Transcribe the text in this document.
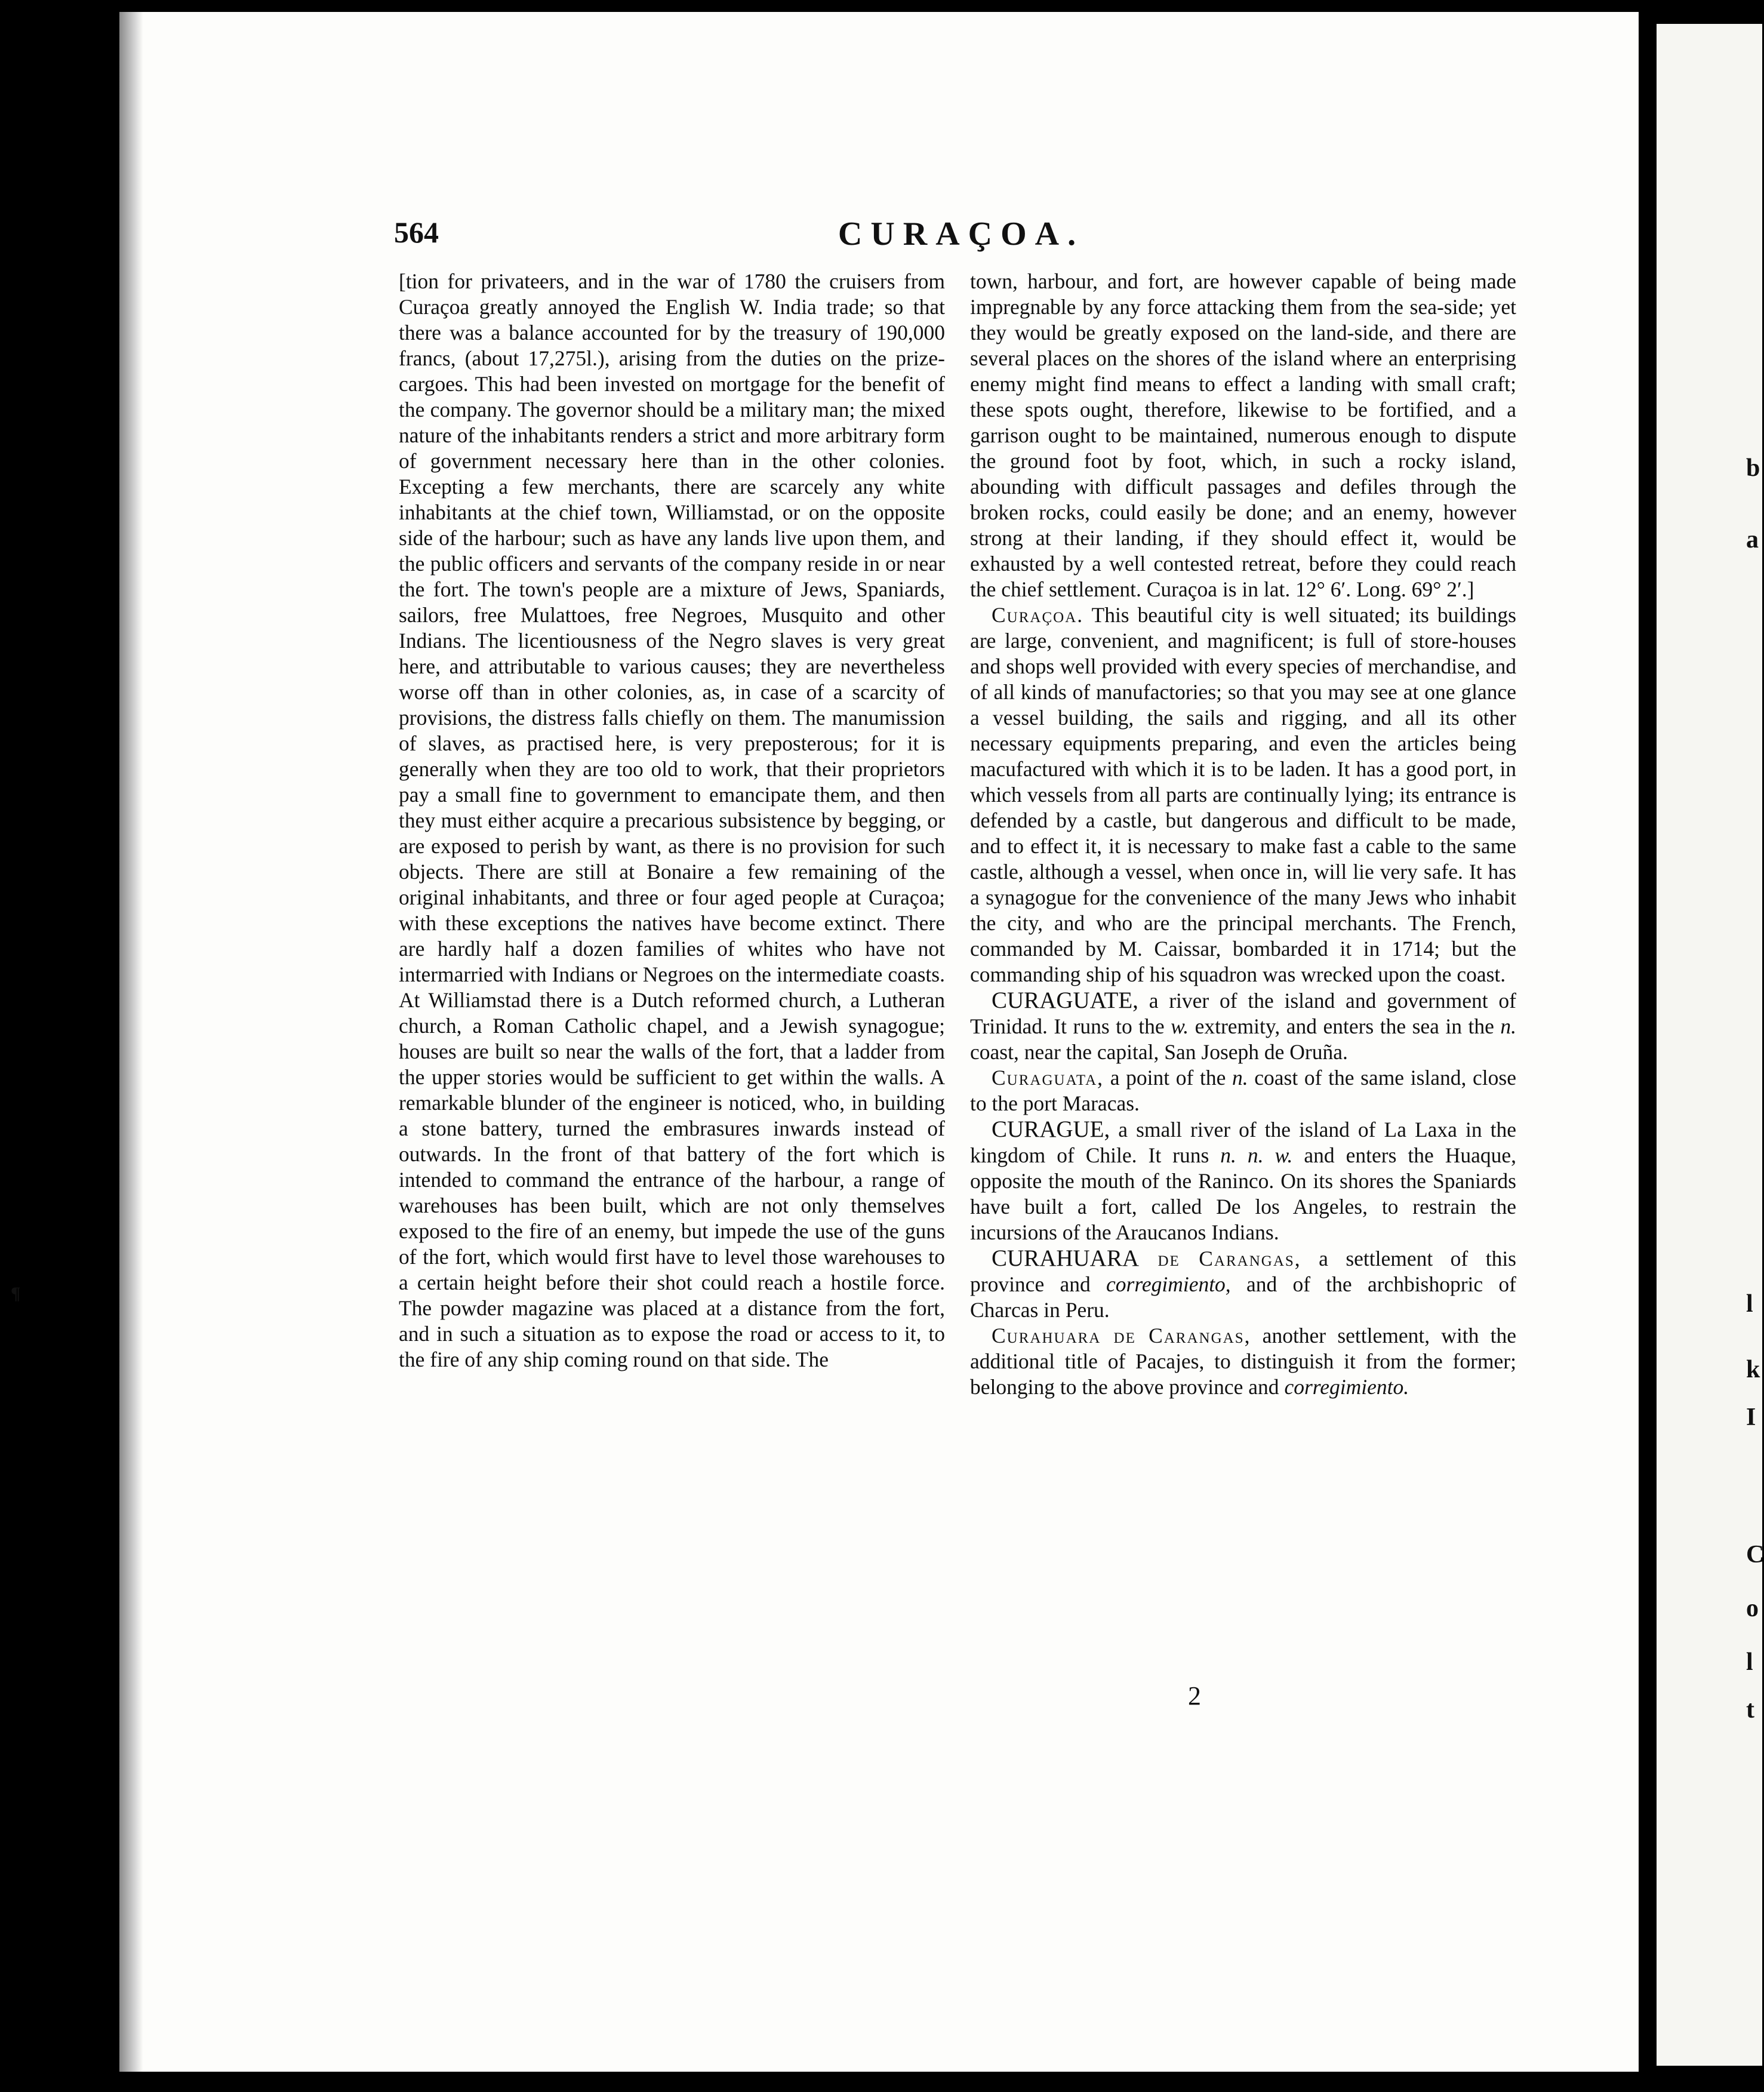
b
a
l
k
I
C
o
l
t
¶
564	CURAÇOA.

[tion for privateers, and in the war of 1780 the cruisers from Curaçoa greatly annoyed the English W. India trade; so that there was a balance accounted for by the treasury of 190,000 francs, (about 17,275l.), arising from the duties on the prize-cargoes. This had been invested on mortgage for the benefit of the company. The governor should be a military man; the mixed nature of the inhabitants renders a strict and more arbitrary form of government necessary here than in the other colonies. Excepting a few merchants, there are scarcely any white inhabitants at the chief town, Williamstad, or on the opposite side of the harbour; such as have any lands live upon them, and the public officers and servants of the company reside in or near the fort. The town's people are a mixture of Jews, Spaniards, sailors, free Mulattoes, free Negroes, Musquito and other Indians. The licentiousness of the Negro slaves is very great here, and attributable to various causes; they are nevertheless worse off than in other colonies, as, in case of a scarcity of provisions, the distress falls chiefly on them. The manumission of slaves, as practised here, is very preposterous; for it is generally when they are too old to work, that their proprietors pay a small fine to government to emancipate them, and then they must either acquire a precarious subsistence by begging, or are exposed to perish by want, as there is no provision for such objects. There are still at Bonaire a few remaining of the original inhabitants, and three or four aged people at Curaçoa; with these exceptions the natives have become extinct. There are hardly half a dozen families of whites who have not intermarried with Indians or Negroes on the intermediate coasts. At Williamstad there is a Dutch reformed church, a Lutheran church, a Roman Catholic chapel, and a Jewish synagogue; houses are built so near the walls of the fort, that a ladder from the upper stories would be sufficient to get within the walls. A remarkable blunder of the engineer is noticed, who, in building a stone battery, turned the embrasures inwards instead of outwards. In the front of that battery of the fort which is intended to command the entrance of the harbour, a range of warehouses has been built, which are not only themselves exposed to the fire of an enemy, but impede the use of the guns of the fort, which would first have to level those warehouses to a certain height before their shot could reach a hostile force. The powder magazine was placed at a distance from the fort, and in such a situation as to expose the road or access to it, to the fire of any ship coming round on that side. The

town, harbour, and fort, are however capable of being made impregnable by any force attacking them from the sea-side; yet they would be greatly exposed on the land-side, and there are several places on the shores of the island where an enterprising enemy might find means to effect a landing with small craft; these spots ought, therefore, likewise to be fortified, and a garrison ought to be maintained, numerous enough to dispute the ground foot by foot, which, in such a rocky island, abounding with difficult passages and defiles through the broken rocks, could easily be done; and an enemy, however strong at their landing, if they should effect it, would be exhausted by a well contested retreat, before they could reach the chief settlement. Curaçoa is in lat. 12° 6′. Long. 69° 2′.]

Curaçoa. This beautiful city is well situated; its buildings are large, convenient, and magnificent; is full of store-houses and shops well provided with every species of merchandise, and of all kinds of manufactories; so that you may see at one glance a vessel building, the sails and rigging, and all its other necessary equipments preparing, and even the articles being macufactured with which it is to be laden. It has a good port, in which vessels from all parts are continually lying; its entrance is defended by a castle, but dangerous and difficult to be made, and to effect it, it is necessary to make fast a cable to the same castle, although a vessel, when once in, will lie very safe. It has a synagogue for the convenience of the many Jews who inhabit the city, and who are the principal merchants. The French, commanded by M. Caissar, bombarded it in 1714; but the commanding ship of his squadron was wrecked upon the coast.

CURAGUATE, a river of the island and government of Trinidad. It runs to the w. extremity, and enters the sea in the n. coast, near the capital, San Joseph de Oruña.

Curaguata, a point of the n. coast of the same island, close to the port Maracas.

CURAGUE, a small river of the island of La Laxa in the kingdom of Chile. It runs n. n. w. and enters the Huaque, opposite the mouth of the Raninco. On its shores the Spaniards have built a fort, called De los Angeles, to restrain the incursions of the Araucanos Indians.

CURAHUARA de Carangas, a settlement of this province and corregimiento, and of the archbishopric of Charcas in Peru.

Curahuara de Carangas, another settlement, with the additional title of Pacajes, to distinguish it from the former; belonging to the above province and corregimiento.

2
